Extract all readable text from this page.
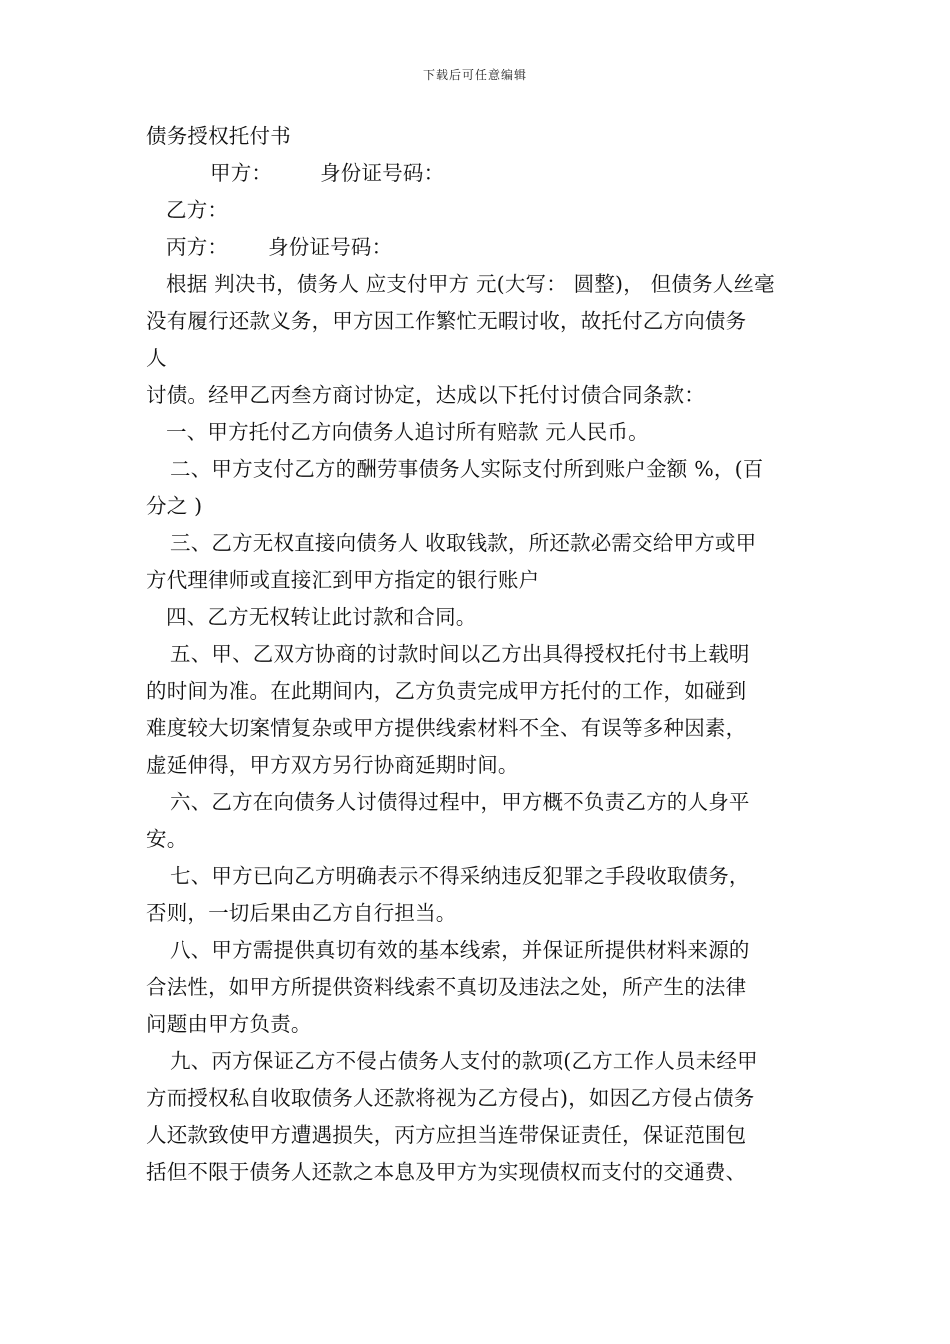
下载后可任意编辑
债务授权托付书
甲方： 身份证号码：
乙方：
丙方： 身份证号码：
根据 判决书，债务人 应支付甲方 元(大写： 圆整)， 但债务人丝毫
没有履行还款义务，甲方因工作繁忙无暇讨收，故托付乙方向债务
人
讨债。经甲乙丙叁方商讨协定，达成以下托付讨债合同条款：
一、甲方托付乙方向债务人追讨所有赔款 元人民币。
二、甲方支付乙方的酬劳事债务人实际支付所到账户金额 %，(百
分之 )
三、乙方无权直接向债务人 收取钱款，所还款必需交给甲方或甲
方代理律师或直接汇到甲方指定的银行账户
四、乙方无权转让此讨款和合同。
五、甲、乙双方协商的讨款时间以乙方出具得授权托付书上载明
的时间为准。在此期间内，乙方负责完成甲方托付的工作，如碰到
难度较大切案情复杂或甲方提供线索材料不全、有误等多种因素，
虚延伸得，甲方双方另行协商延期时间。
六、乙方在向债务人讨债得过程中，甲方概不负责乙方的人身平
安。
七、甲方已向乙方明确表示不得采纳违反犯罪之手段收取债务，
否则，一切后果由乙方自行担当。
八、甲方需提供真切有效的基本线索，并保证所提供材料来源的
合法性，如甲方所提供资料线索不真切及违法之处，所产生的法律
问题由甲方负责。
九、丙方保证乙方不侵占债务人支付的款项(乙方工作人员未经甲
方而授权私自收取债务人还款将视为乙方侵占)，如因乙方侵占债务
人还款致使甲方遭遇损失，丙方应担当连带保证责任，保证范围包
括但不限于债务人还款之本息及甲方为实现债权而支付的交通费、
